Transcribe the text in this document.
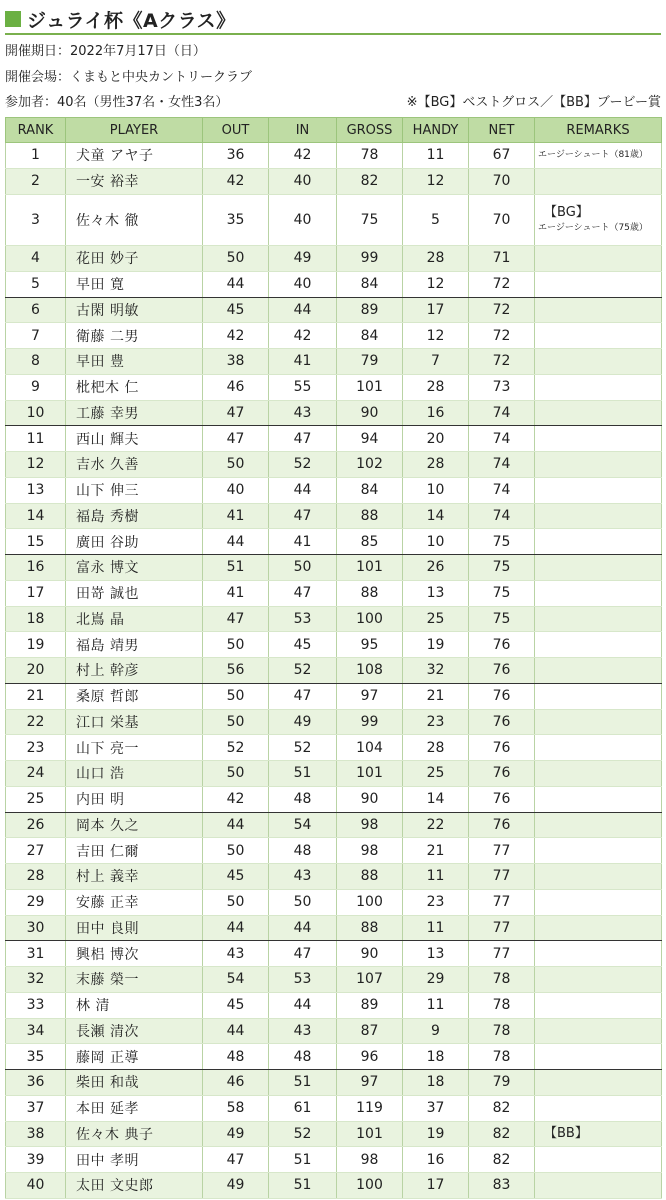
ジュライ杯《Aクラス》
開催期日：2022年7月17日（日）
開催会場：くまもと中央カントリークラブ
参加者：40名（男性37名・女性3名）	※【BG】ベストグロス／【BB】ブービー賞
RANK	PLAYER	OUT	IN	GROSS	HANDY	NET	REMARKS
1	犬童 アヤ子	36	42	78	11	67	エージーシュート（81歳）
2	一安 裕幸	42	40	82	12	70	
3	佐々木 徹	35	40	75	5	70	【BG】
エージーシュート（75歳）
4	花田 妙子	50	49	99	28	71	
5	早田 寛	44	40	84	12	72	
6	古閑 明敏	45	44	89	17	72	
7	衛藤 二男	42	42	84	12	72	
8	早田 豊	38	41	79	7	72	
9	枇杷木 仁	46	55	101	28	73	
10	工藤 幸男	47	43	90	16	74	
11	西山 輝夫	47	47	94	20	74	
12	吉水 久善	50	52	102	28	74	
13	山下 伸三	40	44	84	10	74	
14	福島 秀樹	41	47	88	14	74	
15	廣田 谷助	44	41	85	10	75	
16	富永 博文	51	50	101	26	75	
17	田嵜 誠也	41	47	88	13	75	
18	北嶌 晶	47	53	100	25	75	
19	福島 靖男	50	45	95	19	76	
20	村上 幹彦	56	52	108	32	76	
21	桑原 哲郎	50	47	97	21	76	
22	江口 栄基	50	49	99	23	76	
23	山下 亮一	52	52	104	28	76	
24	山口 浩	50	51	101	25	76	
25	内田 明	42	48	90	14	76	
26	岡本 久之	44	54	98	22	76	
27	吉田 仁爾	50	48	98	21	77	
28	村上 義幸	45	43	88	11	77	
29	安藤 正幸	50	50	100	23	77	
30	田中 良則	44	44	88	11	77	
31	興梠 博次	43	47	90	13	77	
32	末藤 榮一	54	53	107	29	78	
33	林 清	45	44	89	11	78	
34	長瀬 清次	44	43	87	9	78	
35	藤岡 正導	48	48	96	18	78	
36	柴田 和哉	46	51	97	18	79	
37	本田 延孝	58	61	119	37	82	
38	佐々木 典子	49	52	101	19	82	【BB】

39	田中 孝明	47	51	98	16	82	
40	太田 文史郎	49	51	100	17	83	
